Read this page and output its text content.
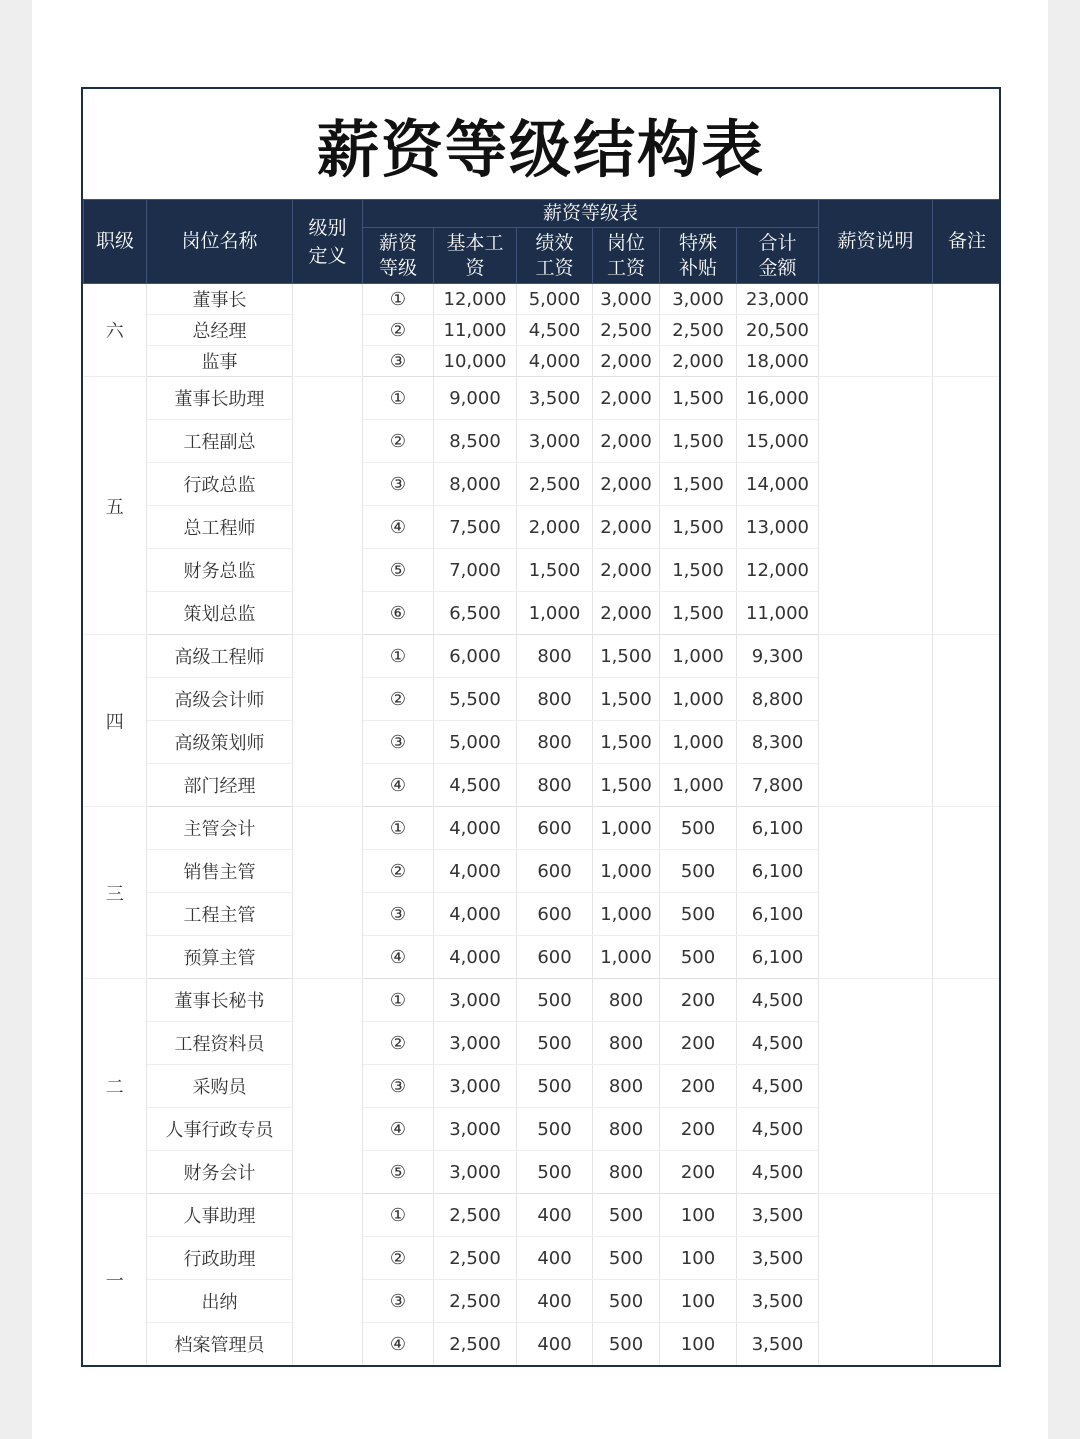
薪资等级结构表
职级	岗位名称	级别定义	薪资等级表						薪资说明	备注
			薪资等级	基本工资	绩效工资	岗位工资	特殊补贴	合计金额		
六	董事长		①	12,000	5,000	3,000	3,000	23,000		
	总经理		②	11,000	4,500	2,500	2,500	20,500		
	监事		③	10,000	4,000	2,000	2,000	18,000		
五	董事长助理		①	9,000	3,500	2,000	1,500	16,000		
	工程副总		②	8,500	3,000	2,000	1,500	15,000		
	行政总监		③	8,000	2,500	2,000	1,500	14,000		
	总工程师		④	7,500	2,000	2,000	1,500	13,000		
	财务总监		⑤	7,000	1,500	2,000	1,500	12,000		
	策划总监		⑥	6,500	1,000	2,000	1,500	11,000		
四	高级工程师		①	6,000	800	1,500	1,000	9,300		
	高级会计师		②	5,500	800	1,500	1,000	8,800		
	高级策划师		③	5,000	800	1,500	1,000	8,300		
	部门经理		④	4,500	800	1,500	1,000	7,800		
三	主管会计		①	4,000	600	1,000	500	6,100		
	销售主管		②	4,000	600	1,000	500	6,100		
	工程主管		③	4,000	600	1,000	500	6,100		
	预算主管		④	4,000	600	1,000	500	6,100		
二	董事长秘书		①	3,000	500	800	200	4,500		
	工程资料员		②	3,000	500	800	200	4,500		
	采购员		③	3,000	500	800	200	4,500		
	人事行政专员		④	3,000	500	800	200	4,500		
	财务会计		⑤	3,000	500	800	200	4,500		
一	人事助理		①	2,500	400	500	100	3,500		
	行政助理		②	2,500	400	500	100	3,500		
	出纳		③	2,500	400	500	100	3,500		
	档案管理员		④	2,500	400	500	100	3,500		
